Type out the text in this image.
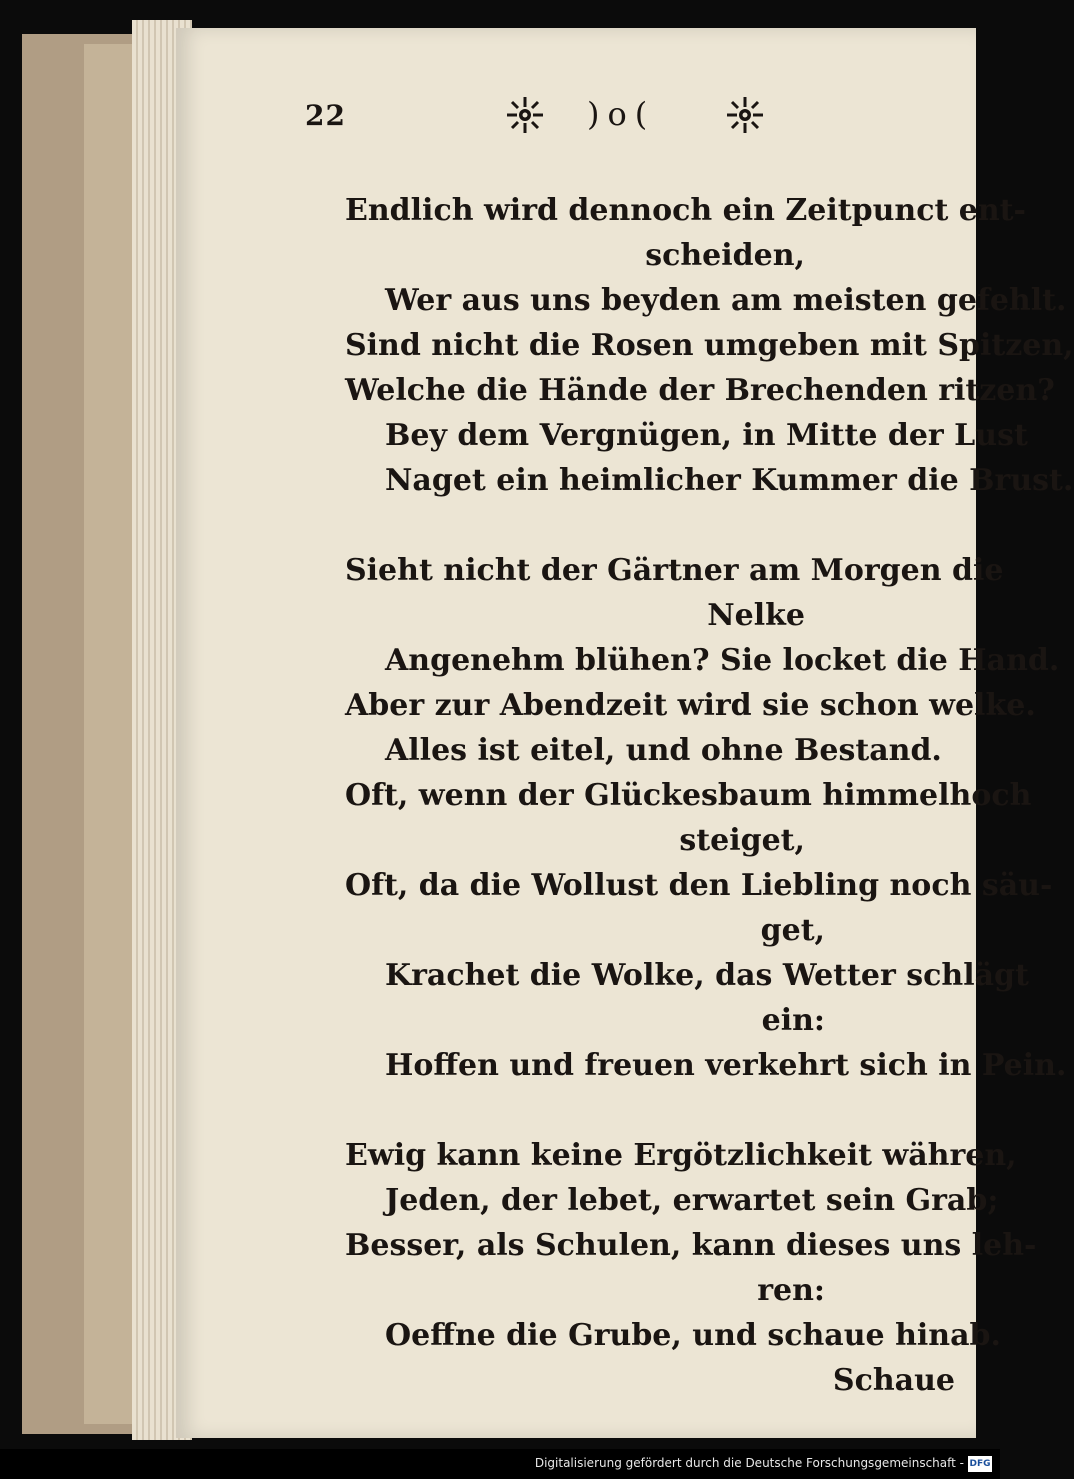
22	)o(
Endlich wird dennoch ein Zeitpunct ent-
scheiden,
Wer aus uns beyden am meisten gefehlt.
Sind nicht die Rosen umgeben mit Spitzen,
Welche die Hände der Brechenden ritzen?
Bey dem Vergnügen, in Mitte der Lust
Naget ein heimlicher Kummer die Brust.
Sieht nicht der Gärtner am Morgen die
Nelke
Angenehm blühen? Sie locket die Hand.
Aber zur Abendzeit wird sie schon welke.
Alles ist eitel, und ohne Bestand.
Oft, wenn der Glückesbaum himmelhoch
steiget,
Oft, da die Wollust den Liebling noch säu-
get,
Krachet die Wolke, das Wetter schlägt
ein:
Hoffen und freuen verkehrt sich in Pein.
Ewig kann keine Ergötzlichkeit währen,
Jeden, der lebet, erwartet sein Grab;
Besser, als Schulen, kann dieses uns leh-
ren:
Oeffne die Grube, und schaue hinab.
Schaue
Digitalisierung gefördert durch die Deutsche Forschungsgemeinschaft - DFG
